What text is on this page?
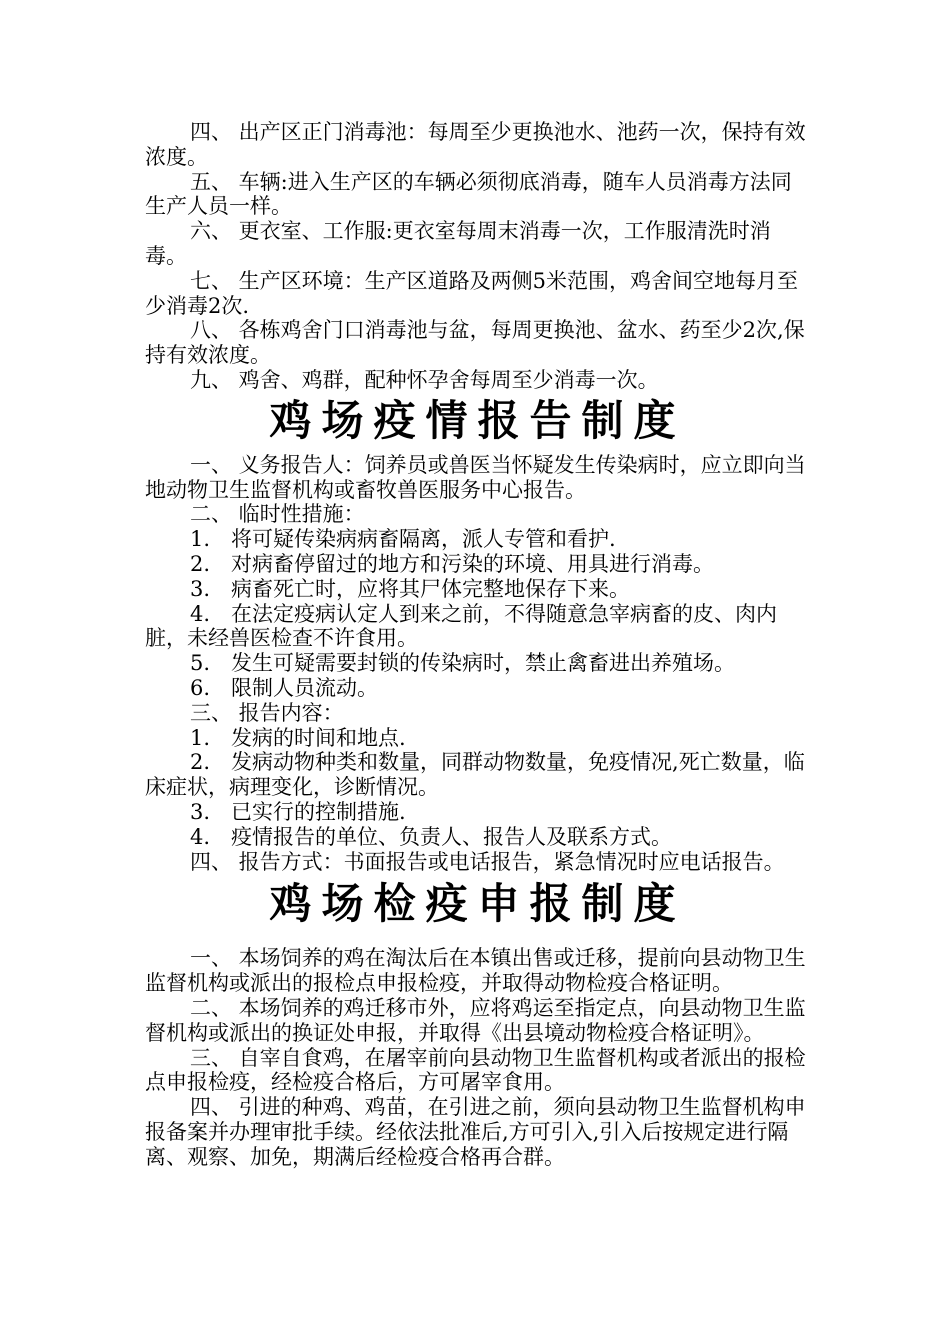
四、 出产区正门消毒池：每周至少更换池水、池药一次，保持有效浓度。

五、 车辆:进入生产区的车辆必须彻底消毒，随车人员消毒方法同生产人员一样。

六、 更衣室、工作服:更衣室每周末消毒一次，工作服清洗时消毒。

七、 生产区环境：生产区道路及两侧5米范围，鸡舍间空地每月至少消毒2次.

八、 各栋鸡舍门口消毒池与盆，每周更换池、盆水、药至少2次,保持有效浓度。

九、 鸡舍、鸡群，配种怀孕舍每周至少消毒一次。

鸡场疫情报告制度

一、 义务报告人：饲养员或兽医当怀疑发生传染病时，应立即向当地动物卫生监督机构或畜牧兽医服务中心报告。

二、 临时性措施：

1.　将可疑传染病病畜隔离，派人专管和看护.

2.　对病畜停留过的地方和污染的环境、用具进行消毒。

3.　病畜死亡时，应将其尸体完整地保存下来。

4.　在法定疫病认定人到来之前，不得随意急宰病畜的皮、肉内脏，未经兽医检查不许食用。

5.　发生可疑需要封锁的传染病时，禁止禽畜进出养殖场。

6.　限制人员流动。

三、 报告内容：

1.　发病的时间和地点.

2.　发病动物种类和数量，同群动物数量，免疫情况,死亡数量，临床症状，病理变化，诊断情况。

3.　已实行的控制措施.

4.　疫情报告的单位、负责人、报告人及联系方式。

四、 报告方式：书面报告或电话报告，紧急情况时应电话报告。

鸡场检疫申报制度

一、 本场饲养的鸡在淘汰后在本镇出售或迁移，提前向县动物卫生监督机构或派出的报检点申报检疫，并取得动物检疫合格证明。

二、 本场饲养的鸡迁移市外，应将鸡运至指定点，向县动物卫生监督机构或派出的换证处申报，并取得《出县境动物检疫合格证明》。

三、 自宰自食鸡，在屠宰前向县动物卫生监督机构或者派出的报检点申报检疫，经检疫合格后，方可屠宰食用。

四、 引进的种鸡、鸡苗，在引进之前，须向县动物卫生监督机构申报备案并办理审批手续。经依法批准后,方可引入,引入后按规定进行隔离、观察、加免，期满后经检疫合格再合群。
